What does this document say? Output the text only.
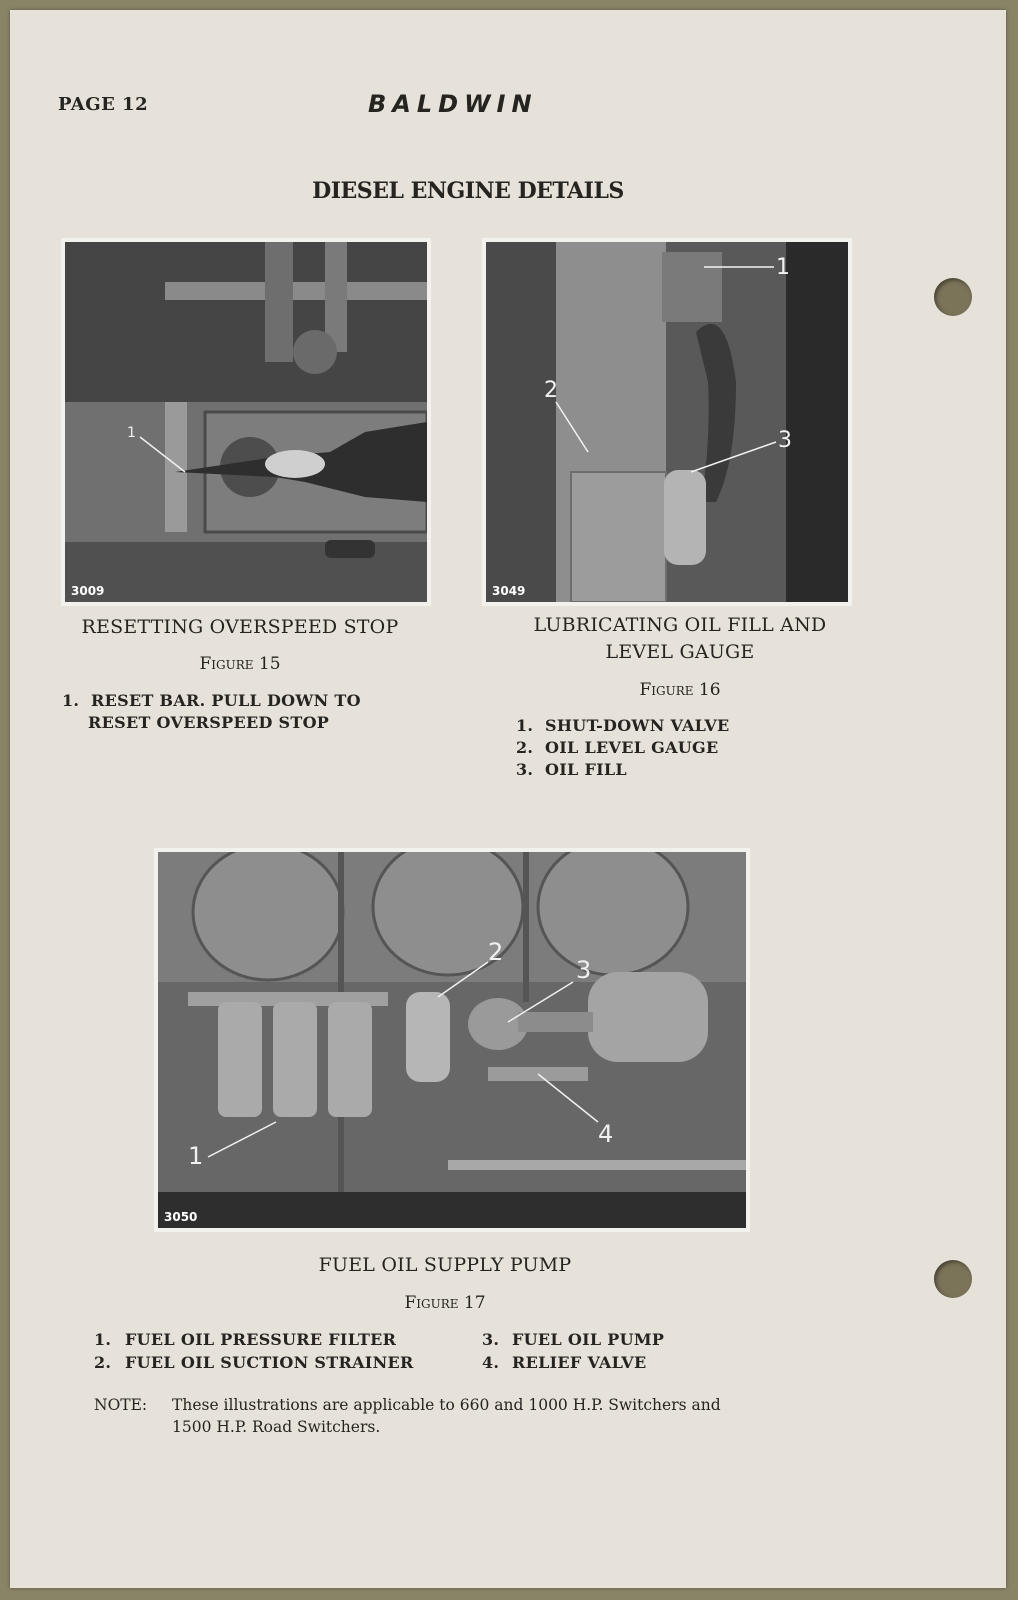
PAGE 12	BALDWIN
DIESEL ENGINE DETAILS
1
3009
1
2
3
3049
RESETTING OVERSPEED STOP
Figure 15
1. RESET BAR. PULL DOWN TO
RESET OVERSPEED STOP
LUBRICATING OIL FILL AND
LEVEL GAUGE
Figure 16
1. SHUT-DOWN VALVE
2. OIL LEVEL GAUGE
3. OIL FILL
1
2
3
4
3050
FUEL OIL SUPPLY PUMP
Figure 17
1. FUEL OIL PRESSURE FILTER
2. FUEL OIL SUCTION STRAINER
3. FUEL OIL PUMP
4. RELIEF VALVE
NOTE: These illustrations are applicable to 660 and 1000 H.P. Switchers and
1500 H.P. Road Switchers.
